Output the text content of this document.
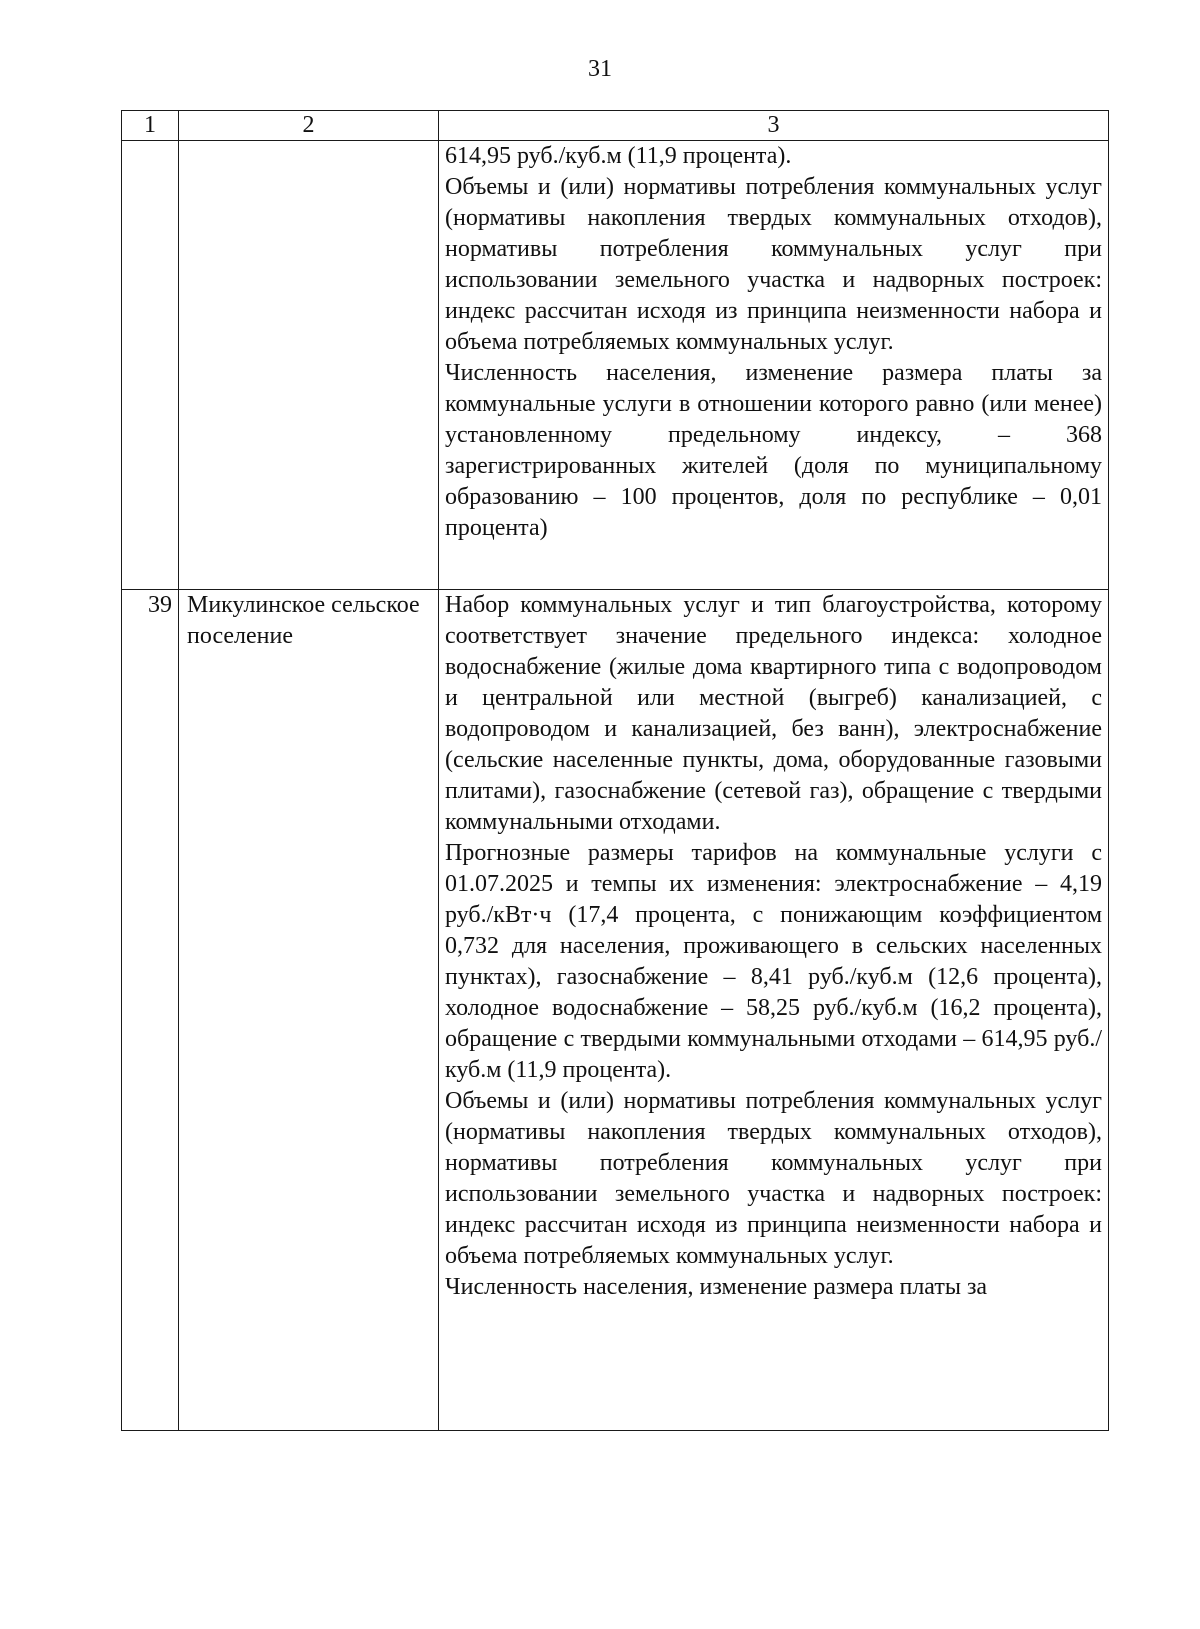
31
1	2	3

		614,95 руб./куб.м (11,9 процента).

Объемы и (или) нормативы потребления коммунальных услуг (нормативы накопления твердых коммунальных отходов), нормативы потребления коммунальных услуг при использовании земельного участка и надворных построек: индекс рассчитан исходя из принципа неизменности набора и объема потребляемых коммунальных услуг.

Численность населения, изменение размера платы за коммунальные услуги в отношении которого равно (или менее) установленному предельному индексу, – 368 зарегистрированных жителей (доля по муниципальному образованию – 100 процентов, доля по республике – 0,01 процента)

39	Микулинское сельское поселение	Набор коммунальных услуг и тип благоустройства, которому соответствует значение предельного индекса: холодное водоснабжение (жилые дома квартирного типа с водопроводом и центральной или местной (выгреб) канализацией, с водопроводом и канализацией, без ванн), электроснабжение (сельские населенные пункты, дома, оборудованные газовыми плитами), газоснабжение (сетевой газ), обращение с твердыми коммунальными отходами.

Прогнозные размеры тарифов на коммунальные услуги с 01.07.2025 и темпы их изменения: электроснабжение – 4,19 руб./кВт·ч (17,4 процента, с понижающим коэффициентом 0,732 для населения, проживающего в сельских населенных пунктах), газоснабжение – 8,41 руб./куб.м (12,6 процента), холодное водоснабжение – 58,25 руб./куб.м (16,2 процента), обращение с твердыми коммунальными отходами – 614,95 руб./куб.м (11,9 процента).

Объемы и (или) нормативы потребления коммунальных услуг (нормативы накопления твердых коммунальных отходов), нормативы потребления коммунальных услуг при использовании земельного участка и надворных построек: индекс рассчитан исходя из принципа неизменности набора и объема потребляемых коммунальных услуг.

Численность населения, изменение размера платы за
